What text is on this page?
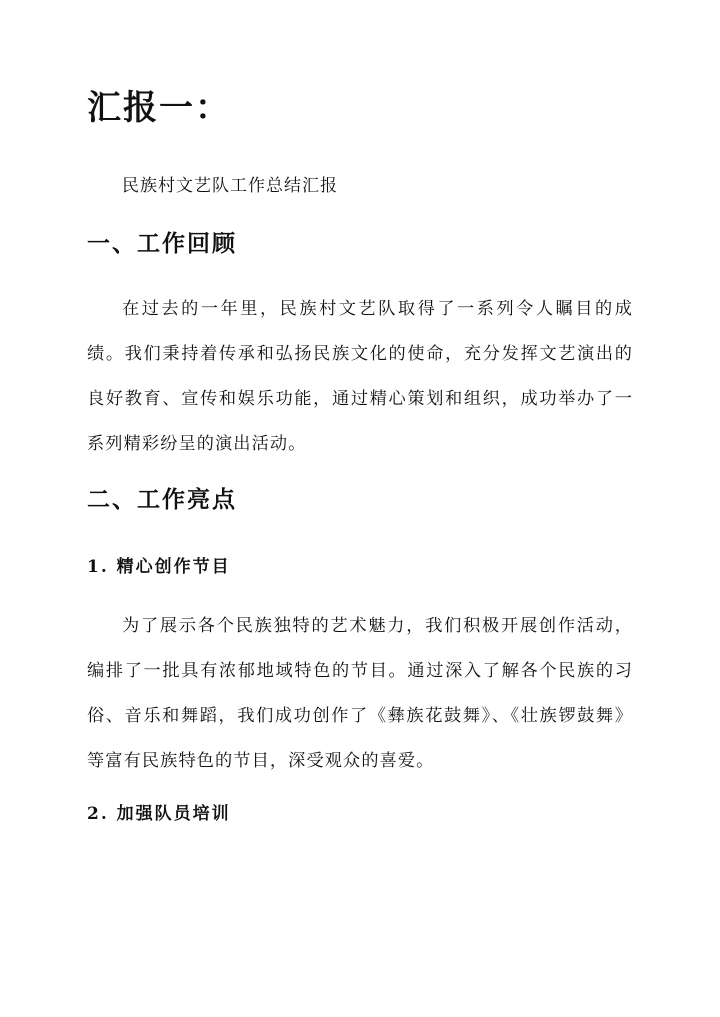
汇报一：

民族村文艺队工作总结汇报

一、工作回顾

在过去的一年里，民族村文艺队取得了一系列令人瞩目的成绩。我们秉持着传承和弘扬民族文化的使命，充分发挥文艺演出的良好教育、宣传和娱乐功能，通过精心策划和组织，成功举办了一系列精彩纷呈的演出活动。

二、工作亮点
1. 精心创作节目

为了展示各个民族独特的艺术魅力，我们积极开展创作活动，编排了一批具有浓郁地域特色的节目。通过深入了解各个民族的习俗、音乐和舞蹈，我们成功创作了《彝族花鼓舞》、《壮族锣鼓舞》等富有民族特色的节目，深受观众的喜爱。

2. 加强队员培训
